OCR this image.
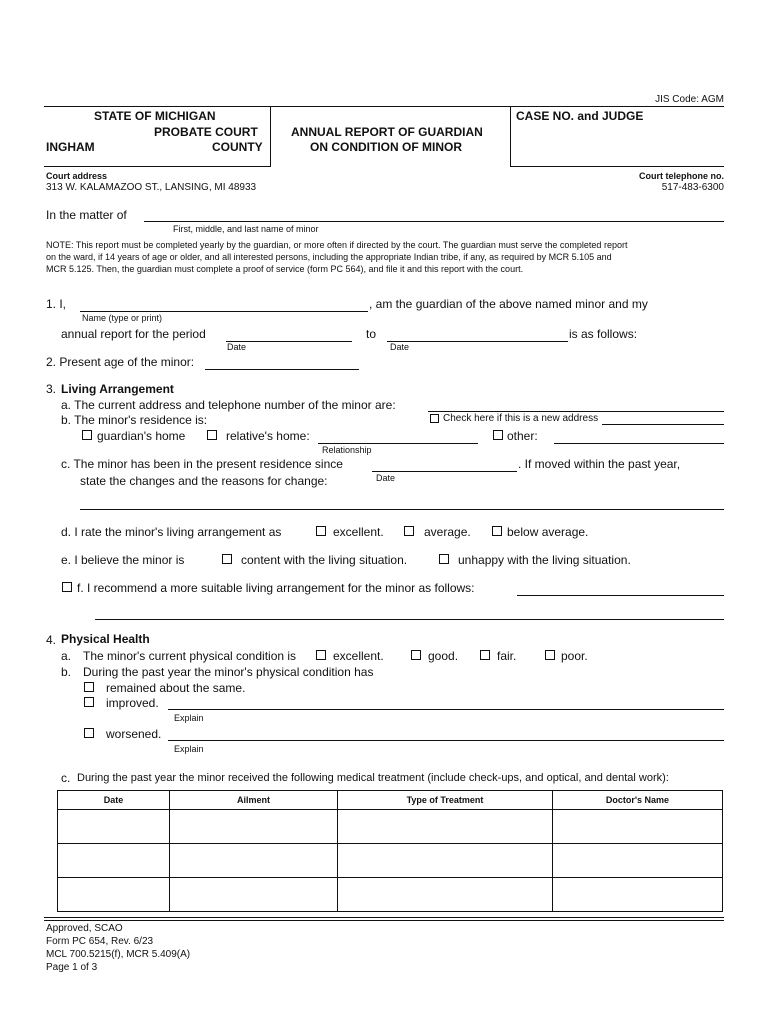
JIS Code: AGM
STATE OF MICHIGAN
PROBATE COURT
INGHAM	COUNTY
ANNUAL REPORT OF GUARDIAN
ON CONDITION OF MINOR
CASE NO. and JUDGE
Court address
313 W. KALAMAZOO ST., LANSING, MI 48933
Court telephone no.
517-483-6300
In the matter of
First, middle, and last name of minor
NOTE: This report must be completed yearly by the guardian, or more often if directed by the court. The guardian must serve the completed report
on the ward, if 14 years of age or older, and all interested persons, including the appropriate Indian tribe, if any, as required by MCR 5.105 and
MCR 5.125. Then, the guardian must complete a proof of service (form PC 564), and file it and this report with the court.
1. I,	, am the guardian of the above named minor and my
Name (type or print)
annual report for the period	to	is as follows:
Date	Date
2. Present age of the minor:
3. Living Arrangement
a. The current address and telephone number of the minor are:
b. The minor's residence is:	Check here if this is a new address
guardian's home	relative's home:	other:
Relationship
c. The minor has been in the present residence since	. If moved within the past year,
Date
state the changes and the reasons for change:
d. I rate the minor's living arrangement as	excellent.	average.	below average.
e. I believe the minor is	content with the living situation.	unhappy with the living situation.
f. I recommend a more suitable living arrangement for the minor as follows:
4. Physical Health
a. The minor's current physical condition is	excellent.	good.	fair.	poor.
b. During the past year the minor's physical condition has
remained about the same.
improved.
Explain
worsened.
Explain
c. During the past year the minor received the following medical treatment (include check-ups, and optical, and dental work):
Date	Ailment	Type of Treatment	Doctor's Name

Approved, SCAO
Form PC 654, Rev. 6/23
MCL 700.5215(f), MCR 5.409(A)
Page 1 of 3
